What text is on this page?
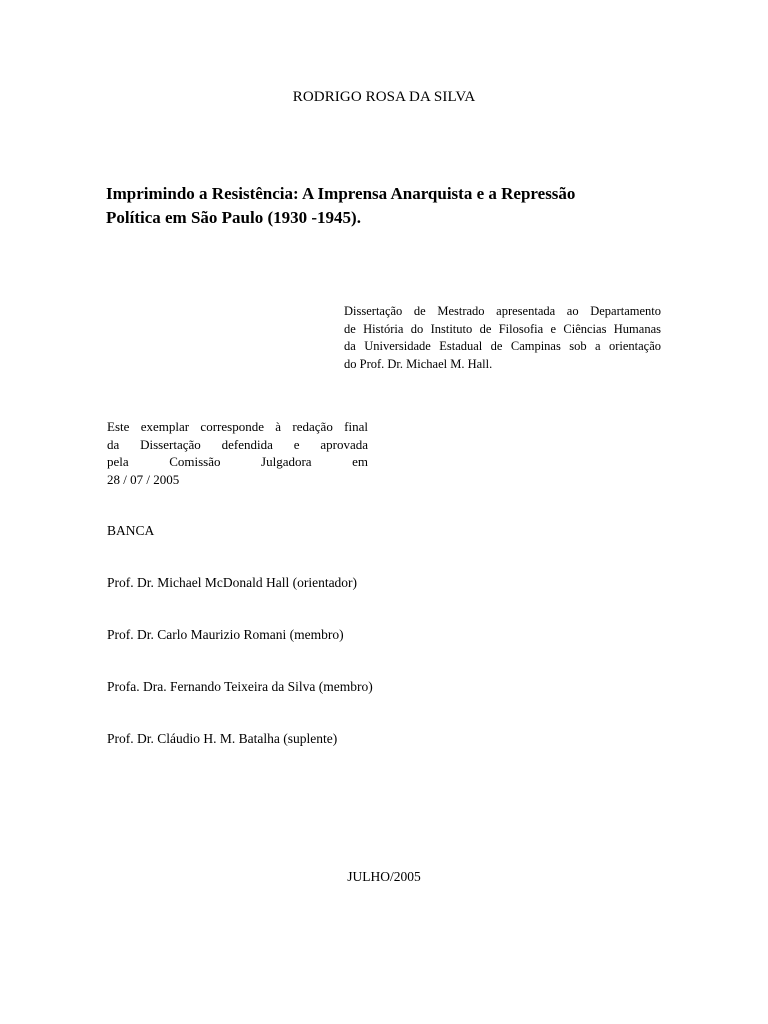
RODRIGO ROSA DA SILVA

Imprimindo a Resistência: A Imprensa Anarquista e a Repressão
Política em São Paulo (1930 -1945).
Dissertação de Mestrado apresentada ao Departamento
de História do Instituto de Filosofia e Ciências Humanas
da Universidade Estadual de Campinas sob a orientação
do Prof. Dr. Michael M. Hall.
Este exemplar corresponde à redação final
da Dissertação defendida e aprovada
pela Comissão Julgadora em
28 / 07 / 2005

BANCA

Prof. Dr. Michael McDonald Hall (orientador)
Prof. Dr. Carlo Maurizio Romani (membro)
Profa. Dra. Fernando Teixeira da Silva (membro)
Prof. Dr. Cláudio H. M. Batalha (suplente)
JULHO/2005
